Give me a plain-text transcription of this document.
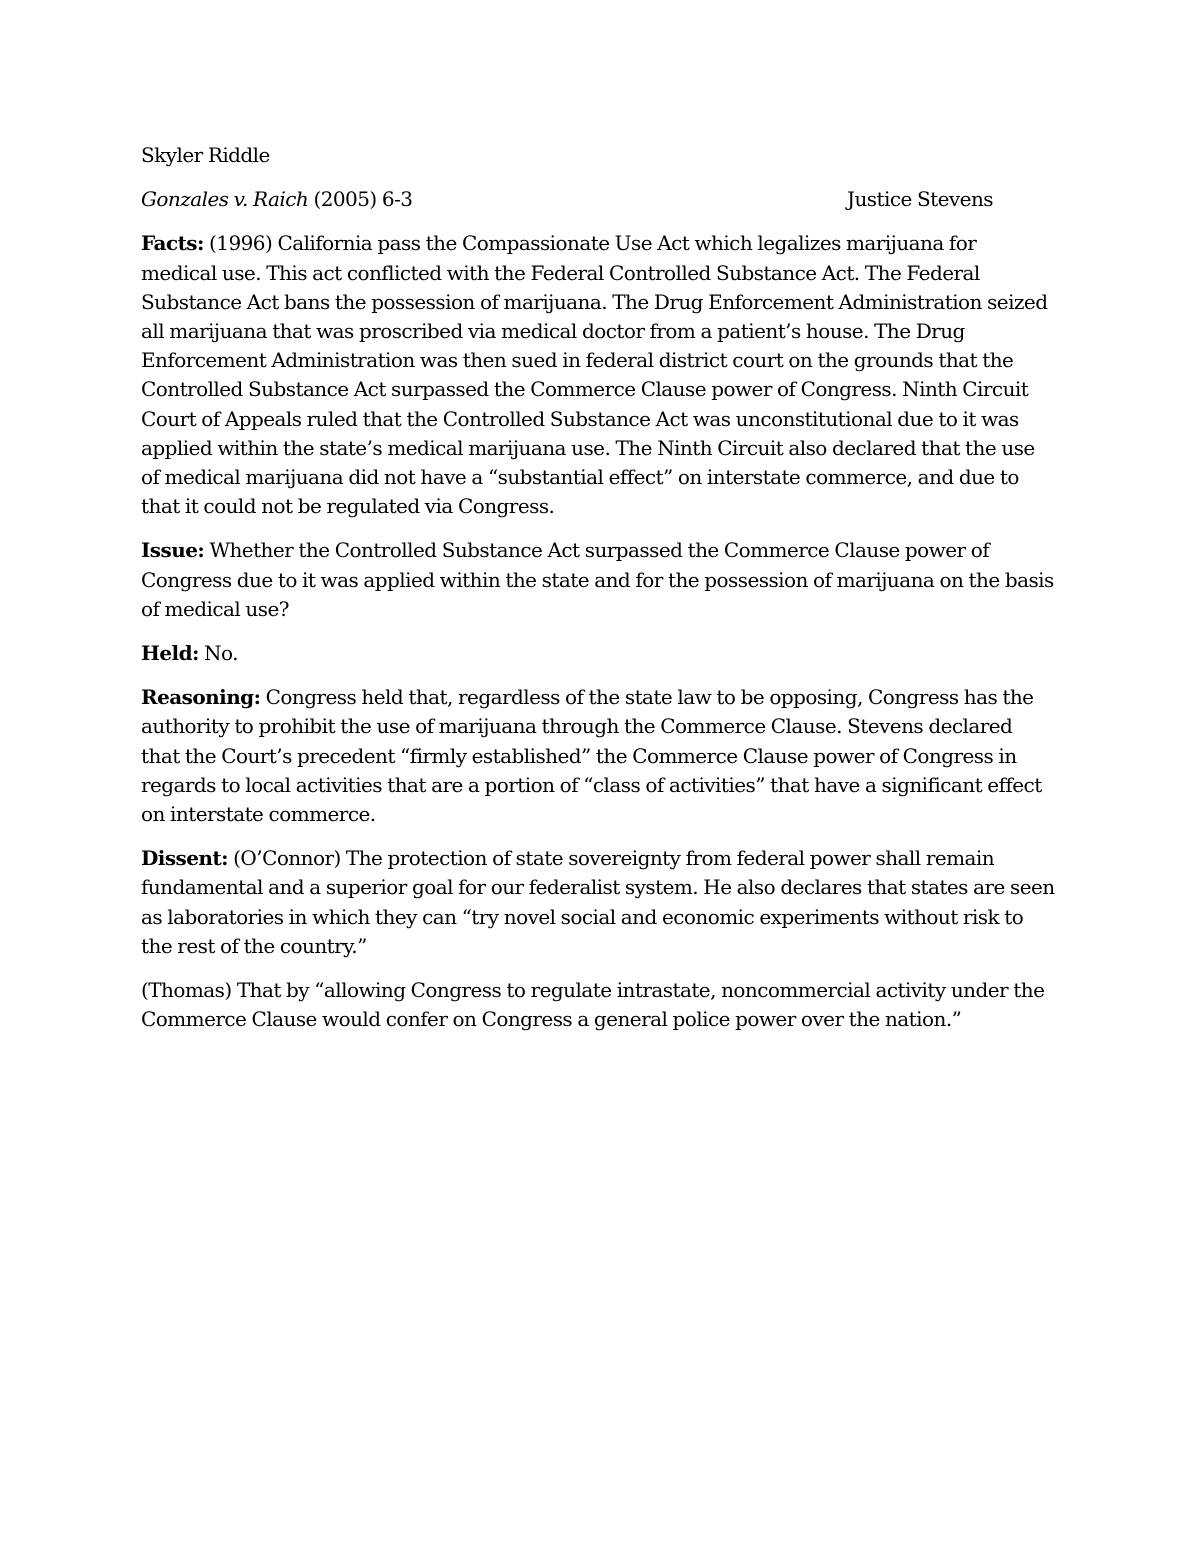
Skyler Riddle

Gonzales v. Raich (2005) 6-3	Justice Stevens

Facts: (1996) California pass the Compassionate Use Act which legalizes marijuana for medical use. This act conflicted with the Federal Controlled Substance Act. The Federal Substance Act bans the possession of marijuana. The Drug Enforcement Administration seized all marijuana that was proscribed via medical doctor from a patient’s house. The Drug Enforcement Administration was then sued in federal district court on the grounds that the Controlled Substance Act surpassed the Commerce Clause power of Congress. Ninth Circuit Court of Appeals ruled that the Controlled Substance Act was unconstitutional due to it was applied within the state’s medical marijuana use. The Ninth Circuit also declared that the use of medical marijuana did not have a “substantial effect” on interstate commerce, and due to that it could not be regulated via Congress.

Issue: Whether the Controlled Substance Act surpassed the Commerce Clause power of Congress due to it was applied within the state and for the possession of marijuana on the basis of medical use?

Held: No.

Reasoning: Congress held that, regardless of the state law to be opposing, Congress has the authority to prohibit the use of marijuana through the Commerce Clause. Stevens declared that the Court’s precedent “firmly established” the Commerce Clause power of Congress in regards to local activities that are a portion of “class of activities” that have a significant effect on interstate commerce.

Dissent: (O’Connor) The protection of state sovereignty from federal power shall remain fundamental and a superior goal for our federalist system. He also declares that states are seen as laboratories in which they can “try novel social and economic experiments without risk to the rest of the country.”

(Thomas) That by “allowing Congress to regulate intrastate, noncommercial activity under the Commerce Clause would confer on Congress a general police power over the nation.”
